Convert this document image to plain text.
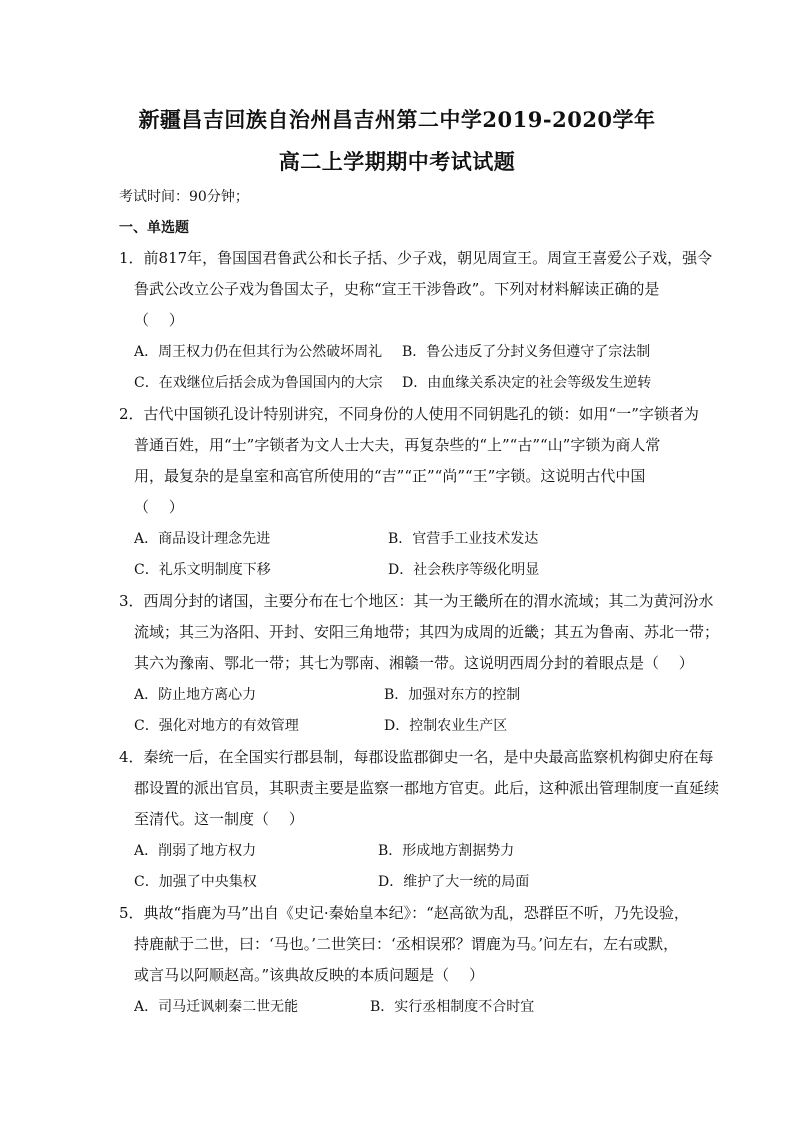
新疆昌吉回族自治州昌吉州第二中学2019-2020学年
高二上学期期中考试试题
考试时间：90分钟；
一、单选题
1．前817年，鲁国国君鲁武公和长子括、少子戏，朝见周宣王。周宣王喜爱公子戏，强令
鲁武公改立公子戏为鲁国太子，史称“宣王干涉鲁政”。下列对材料解读正确的是
（　 ）
A．周王权力仍在但其行为公然破坏周礼 B．鲁公违反了分封义务但遵守了宗法制
C．在戏继位后括会成为鲁国国内的大宗 D．由血缘关系决定的社会等级发生逆转
2．古代中国锁孔设计特别讲究，不同身份的人使用不同钥匙孔的锁：如用“一”字锁者为
普通百姓，用“士”字锁者为文人士大夫，再复杂些的“上”“古”“山”字锁为商人常
用，最复杂的是皇室和高官所使用的“吉”“正”“尚”“王”字锁。这说明古代中国
（　 ）
A．商品设计理念先进	B．官营手工业技术发达
C．礼乐文明制度下移	D．社会秩序等级化明显
3．西周分封的诸国，主要分布在七个地区：其一为王畿所在的渭水流域；其二为黄河汾水
流域；其三为洛阳、开封、安阳三角地带；其四为成周的近畿；其五为鲁南、苏北一带；
其六为豫南、鄂北一带；其七为鄂南、湘赣一带。这说明西周分封的着眼点是（　 ）
A．防止地方离心力	B．加强对东方的控制
C．强化对地方的有效管理	D．控制农业生产区
4．秦统一后，在全国实行郡县制，每郡设监郡御史一名，是中央最高监察机构御史府在每
郡设置的派出官员，其职责主要是监察一郡地方官吏。此后，这种派出管理制度一直延续
至清代。这一制度（　 ）
A．削弱了地方权力	B．形成地方割据势力
C．加强了中央集权	D．维护了大一统的局面
5．典故“指鹿为马”出自《史记·秦始皇本纪》：“赵高欲为乱，恐群臣不听，乃先设验，
持鹿献于二世，曰：‘马也。’二世笑曰：‘丞相误邪？谓鹿为马。’问左右，左右或默，
或言马以阿顺赵高。”该典故反映的本质问题是（　 ）
A．司马迁讽刺秦二世无能	B．实行丞相制度不合时宜
